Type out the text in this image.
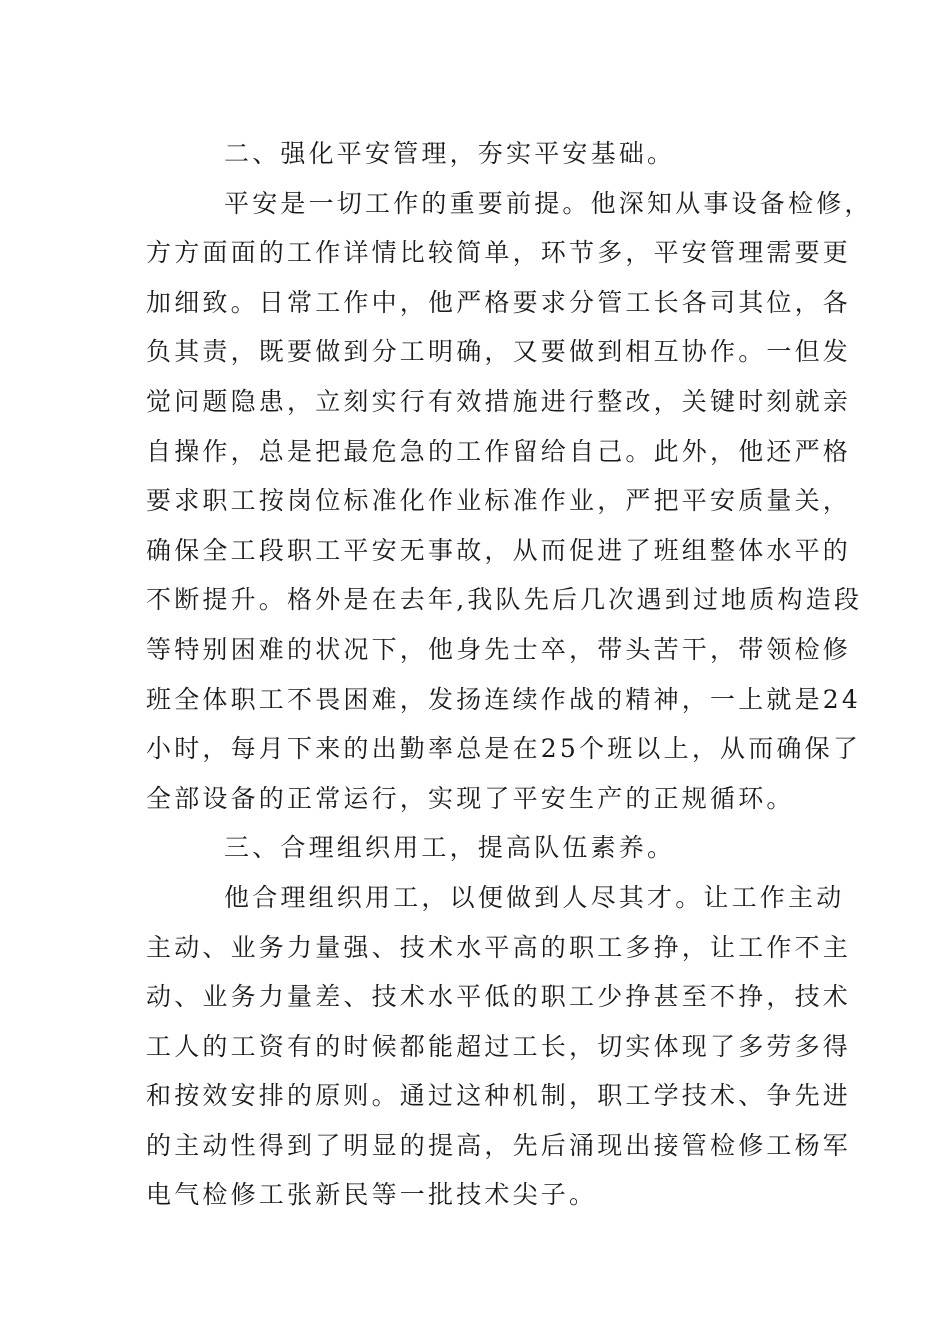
二、强化平安管理，夯实平安基础。
平安是一切工作的重要前提。他深知从事设备检修，
方方面面的工作详情比较简单，环节多，平安管理需要更
加细致。日常工作中，他严格要求分管工长各司其位，各
负其责，既要做到分工明确，又要做到相互协作。一但发
觉问题隐患，立刻实行有效措施进行整改，关键时刻就亲
自操作，总是把最危急的工作留给自己。此外，他还严格
要求职工按岗位标准化作业标准作业，严把平安质量关，
确保全工段职工平安无事故，从而促进了班组整体水平的
不断提升。格外是在去年,我队先后几次遇到过地质构造段
等特别困难的状况下，他身先士卒，带头苦干，带领检修
班全体职工不畏困难，发扬连续作战的精神，一上就是24
小时，每月下来的出勤率总是在25个班以上，从而确保了
全部设备的正常运行，实现了平安生产的正规循环。
三、合理组织用工，提高队伍素养。
他合理组织用工，以便做到人尽其才。让工作主动
主动、业务力量强、技术水平高的职工多挣，让工作不主
动、业务力量差、技术水平低的职工少挣甚至不挣，技术
工人的工资有的时候都能超过工长，切实体现了多劳多得
和按效安排的原则。通过这种机制，职工学技术、争先进
的主动性得到了明显的提高，先后涌现出接管检修工杨军
电气检修工张新民等一批技术尖子。
